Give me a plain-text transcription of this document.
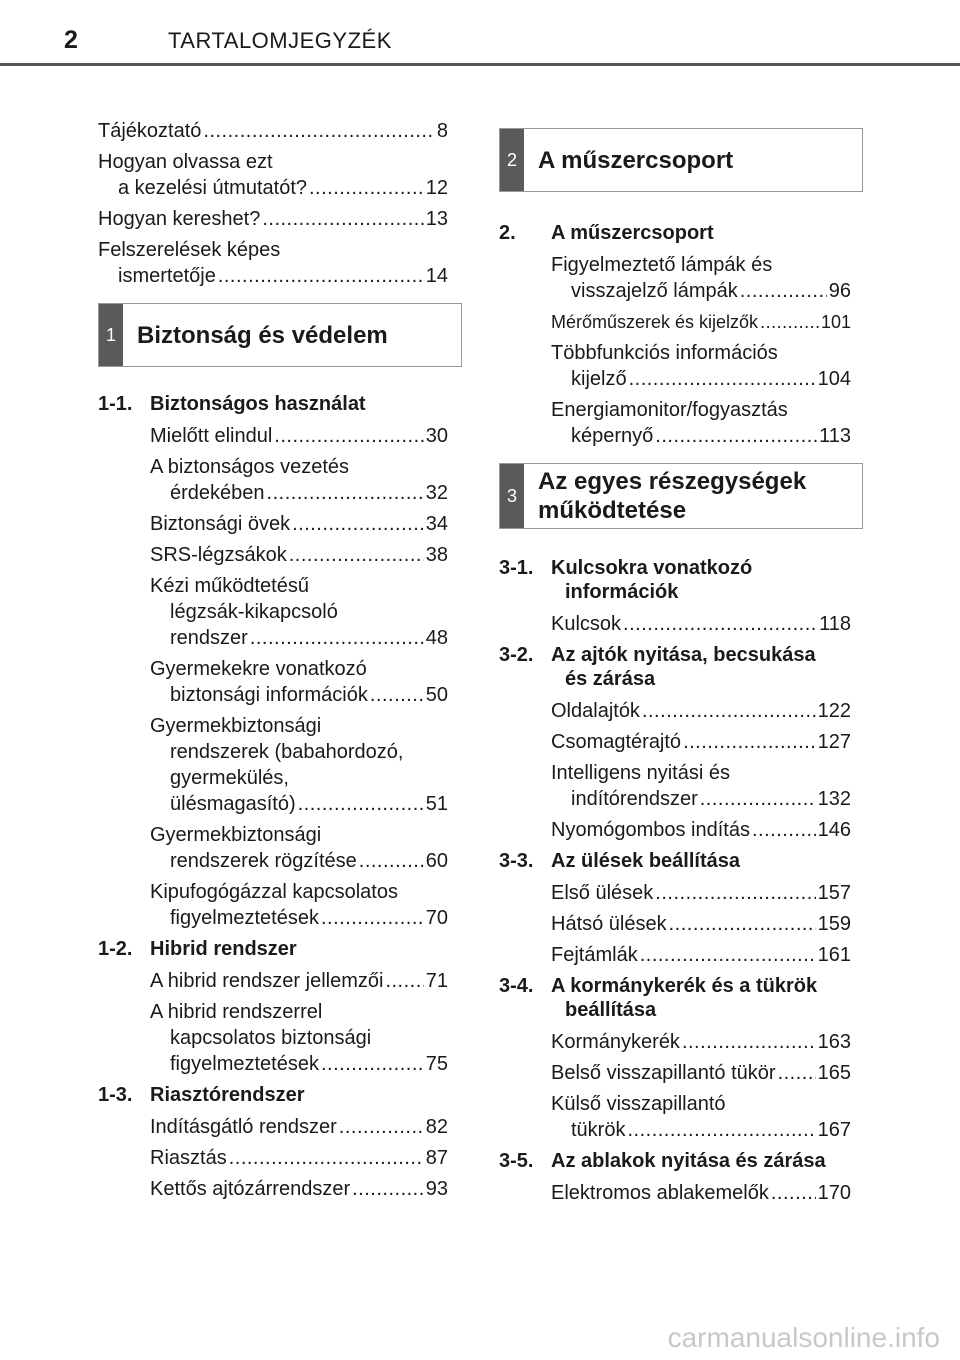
2	TARTALOMJEGYZÉK
Tájékoztató .....	8
Hogyan olvassa ezt
a kezelési útmutatót? .....	12
Hogyan kereshet? .....	13
Felszerelések képes
ismertetője .....	14
1 Biztonság és védelem
1-1. Biztonságos használat
Mielőtt elindul .....	30
A biztonságos vezetés
érdekében .....	32
Biztonsági övek .....	34
SRS-légzsákok .....	38
Kézi működtetésű
légzsák-kikapcsoló
rendszer .....	48
Gyermekekre vonatkozó
biztonsági információk .....	50
Gyermekbiztonsági
rendszerek (babahordozó,
gyermekülés,
ülésmagasító) .....	51
Gyermekbiztonsági
rendszerek rögzítése .....	60
Kipufogógázzal kapcsolatos
figyelmeztetések .....	70
1-2. Hibrid rendszer
A hibrid rendszer jellemzői ..... 71
A hibrid rendszerrel
kapcsolatos biztonsági
figyelmeztetések .....	75
1-3. Riasztórendszer
Indításgátló rendszer .....	82
Riasztás .....	87
Kettős ajtózárrendszer .....	93
2 A műszercsoport
2.	A műszercsoport
Figyelmeztető lámpák és
visszajelző lámpák .....	96
Mérőműszerek és kijelzők .....	101
Többfunkciós információs
kijelző .....	104
Energiamonitor/fogyasztás
képernyő .....	113
3
Az egyes részegységek
működtetése
3-1. Kulcsokra vonatkozó
információk
Kulcsok .....	118
3-2. Az ajtók nyitása, becsukása
és zárása
Oldalajtók .....	122
Csomagtérajtó .....	127
Intelligens nyitási és
indítórendszer .....	132
Nyomógombos indítás .....	146
3-3. Az ülések beállítása
Első ülések .....	157
Hátsó ülések .....	159
Fejtámlák .....	161
3-4. A kormánykerék és a tükrök
beállítása
Kormánykerék .....	163
Belső visszapillantó tükör ..... 165
Külső visszapillantó
tükrök .....	167
3-5. Az ablakok nyitása és zárása
Elektromos ablakemelők ..... 170
carmanualsonline.info
